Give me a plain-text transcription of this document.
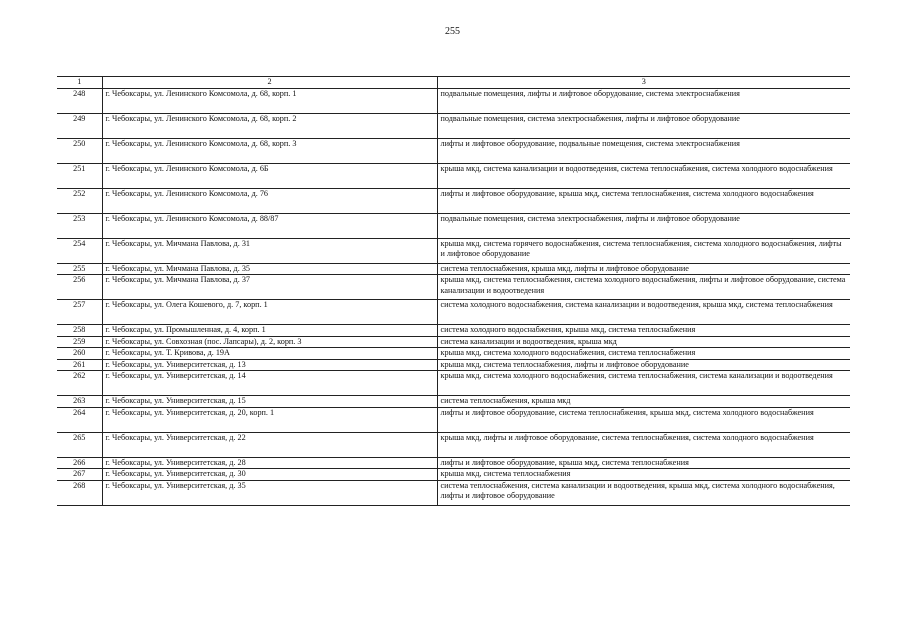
255
1	2	3
248	г. Чебоксары, ул. Ленинского Комсомола, д. 68, корп. 1	подвальные помещения, лифты и лифтовое оборудование, система электроснабжения
249	г. Чебоксары, ул. Ленинского Комсомола, д. 68, корп. 2	подвальные помещения, система электроснабжения, лифты и лифтовое оборудование
250	г. Чебоксары, ул. Ленинского Комсомола, д. 68, корп. 3	лифты и лифтовое оборудование, подвальные помещения, система электроснабжения
251	г. Чебоксары, ул. Ленинского Комсомола, д. 6Б	крыша мкд, система канализации и водоотведения, система теплоснабжения, система холодного водоснабжения
252	г. Чебоксары, ул. Ленинского Комсомола, д. 76	лифты и лифтовое оборудование, крыша мкд, система теплоснабжения, система холодного водоснабжения
253	г. Чебоксары, ул. Ленинского Комсомола, д. 88/87	подвальные помещения, система электроснабжения, лифты и лифтовое оборудование
254	г. Чебоксары, ул. Мичмана Павлова, д. 31	крыша мкд, система горячего водоснабжения, система теплоснабжения, система холодного водоснабжения, лифты и лифтовое оборудование
255	г. Чебоксары, ул. Мичмана Павлова, д. 35	система теплоснабжения, крыша мкд, лифты и лифтовое оборудование
256	г. Чебоксары, ул. Мичмана Павлова, д. 37	крыша мкд, система теплоснабжения, система холодного водоснабжения, лифты и лифтовое оборудование, система канализации и водоотведения
257	г. Чебоксары, ул. Олега Кошевого, д. 7, корп. 1	система холодного водоснабжения, система канализации и водоотведения, крыша мкд, система теплоснабжения
258	г. Чебоксары, ул. Промышленная, д. 4, корп. 1	система холодного водоснабжения, крыша мкд, система теплоснабжения
259	г. Чебоксары, ул. Совхозная (пос. Лапсары), д. 2, корп. 3	система канализации и водоотведения, крыша мкд
260	г. Чебоксары, ул. Т. Кривова, д. 19А	крыша мкд, система холодного водоснабжения, система теплоснабжения
261	г. Чебоксары, ул. Университетская, д. 13	крыша мкд, система теплоснабжения, лифты и лифтовое оборудование
262	г. Чебоксары, ул. Университетская, д. 14	крыша мкд, система холодного водоснабжения, система теплоснабжения, система канализации и водоотведения
263	г. Чебоксары, ул. Университетская, д. 15	система теплоснабжения, крыша мкд
264	г. Чебоксары, ул. Университетская, д. 20, корп. 1	лифты и лифтовое оборудование, система теплоснабжения, крыша мкд, система холодного водоснабжения
265	г. Чебоксары, ул. Университетская, д. 22	крыша мкд, лифты и лифтовое оборудование, система теплоснабжения, система холодного водоснабжения
266	г. Чебоксары, ул. Университетская, д. 28	лифты и лифтовое оборудование, крыша мкд, система теплоснабжения
267	г. Чебоксары, ул. Университетская, д. 30	крыша мкд, система теплоснабжения
268	г. Чебоксары, ул. Университетская, д. 35	система теплоснабжения, система канализации и водоотведения, крыша мкд, система холодного водоснабжения, лифты и лифтовое оборудование
